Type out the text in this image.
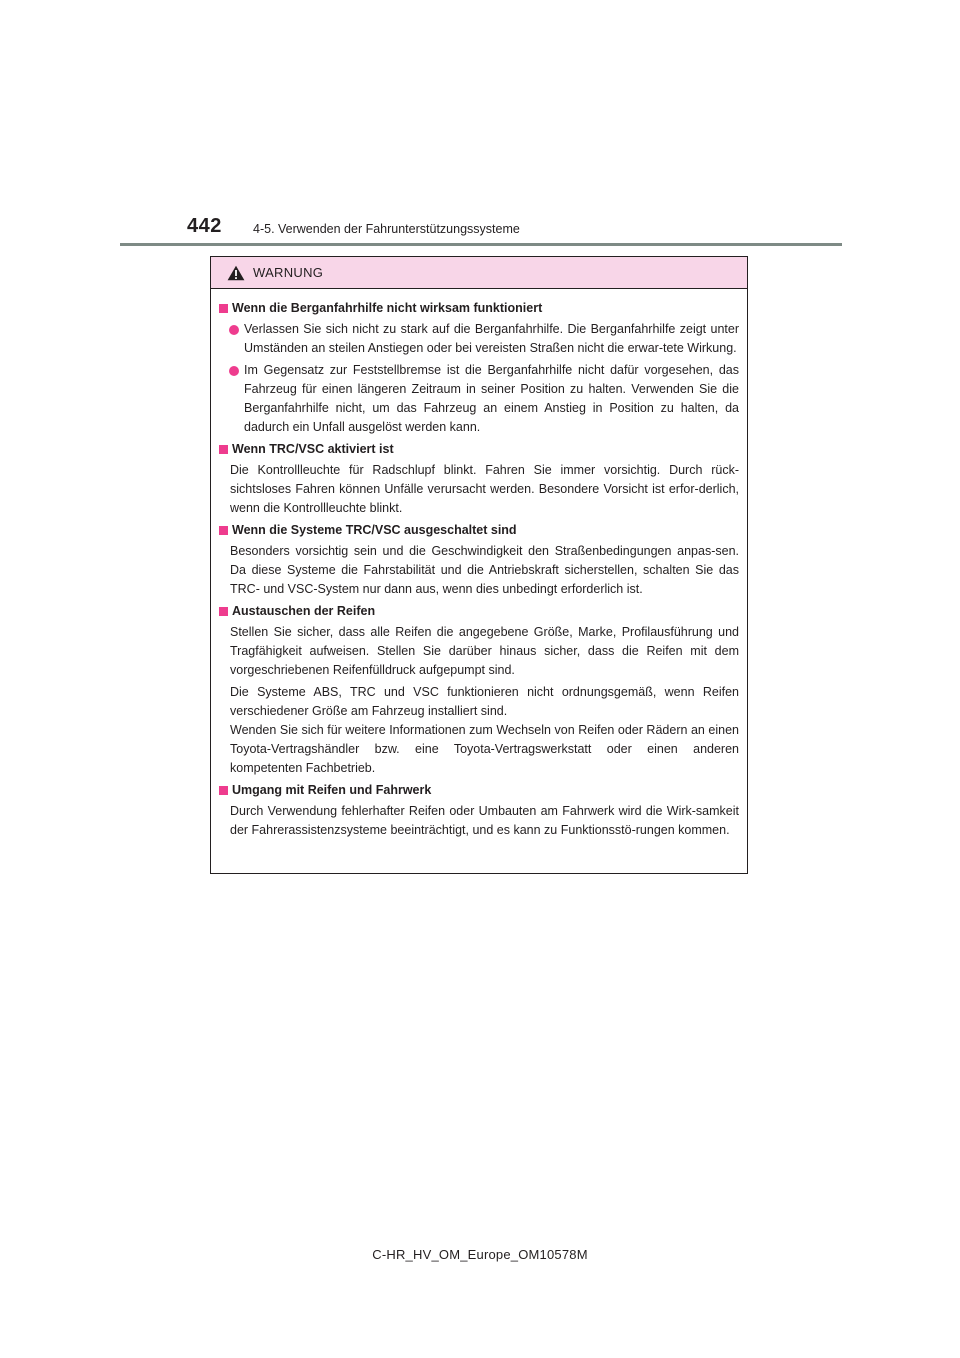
442 4-5. Verwenden der Fahrunterstützungssysteme
WARNUNG
Wenn die Berganfahrhilfe nicht wirksam funktioniert
Verlassen Sie sich nicht zu stark auf die Berganfahrhilfe. Die Berganfahrhilfe zeigt unter Umständen an steilen Anstiegen oder bei vereisten Straßen nicht die erwar-tete Wirkung.
Im Gegensatz zur Feststellbremse ist die Berganfahrhilfe nicht dafür vorgesehen, das Fahrzeug für einen längeren Zeitraum in seiner Position zu halten. Verwenden Sie die Berganfahrhilfe nicht, um das Fahrzeug an einem Anstieg in Position zu halten, da dadurch ein Unfall ausgelöst werden kann.
Wenn TRC/VSC aktiviert ist
Die Kontrollleuchte für Radschlupf blinkt. Fahren Sie immer vorsichtig. Durch rück-sichtsloses Fahren können Unfälle verursacht werden. Besondere Vorsicht ist erfor-derlich, wenn die Kontrollleuchte blinkt.
Wenn die Systeme TRC/VSC ausgeschaltet sind
Besonders vorsichtig sein und die Geschwindigkeit den Straßenbedingungen anpas-sen. Da diese Systeme die Fahrstabilität und die Antriebskraft sicherstellen, schalten Sie das TRC- und VSC-System nur dann aus, wenn dies unbedingt erforderlich ist.
Austauschen der Reifen
Stellen Sie sicher, dass alle Reifen die angegebene Größe, Marke, Profilausführung und Tragfähigkeit aufweisen. Stellen Sie darüber hinaus sicher, dass die Reifen mit dem vorgeschriebenen Reifenfülldruck aufgepumpt sind.
Die Systeme ABS, TRC und VSC funktionieren nicht ordnungsgemäß, wenn Reifen verschiedener Größe am Fahrzeug installiert sind.
Wenden Sie sich für weitere Informationen zum Wechseln von Reifen oder Rädern an einen Toyota-Vertragshändler bzw. eine Toyota-Vertragswerkstatt oder einen anderen kompetenten Fachbetrieb.
Umgang mit Reifen und Fahrwerk
Durch Verwendung fehlerhafter Reifen oder Umbauten am Fahrwerk wird die Wirk-samkeit der Fahrerassistenzsysteme beeinträchtigt, und es kann zu Funktionsstö-rungen kommen.
C-HR_HV_OM_Europe_OM10578M
